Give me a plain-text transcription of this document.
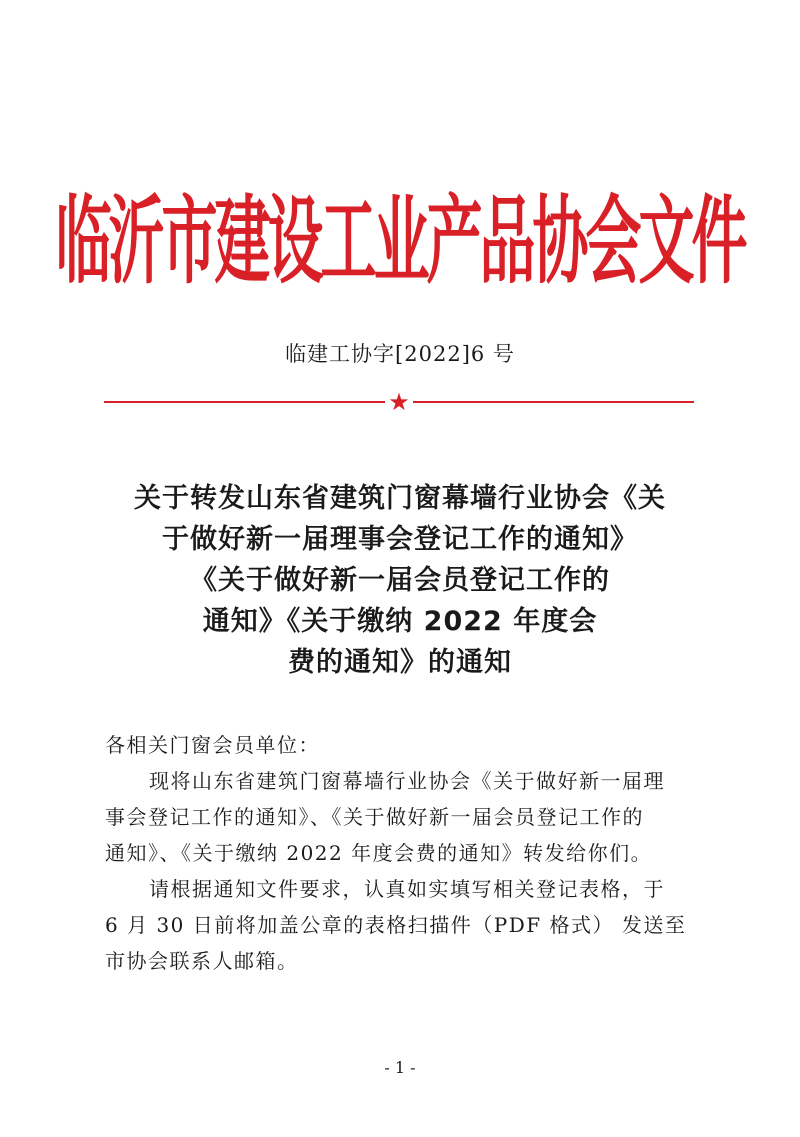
临沂市建设工业产品协会文件
临建工协字[2022]6 号
★
关于转发山东省建筑门窗幕墙行业协会《关
于做好新一届理事会登记工作的通知》
《关于做好新一届会员登记工作的
通知》《关于缴纳 2022 年度会
费的通知》的通知

各相关门窗会员单位：

现将山东省建筑门窗幕墙行业协会《关于做好新一届理

事会登记工作的通知》、《关于做好新一届会员登记工作的

通知》、《关于缴纳 2022 年度会费的通知》转发给你们。

请根据通知文件要求，认真如实填写相关登记表格，于

6 月 30 日前将加盖公章的表格扫描件（PDF 格式） 发送至

市协会联系人邮箱。

- 1 -
